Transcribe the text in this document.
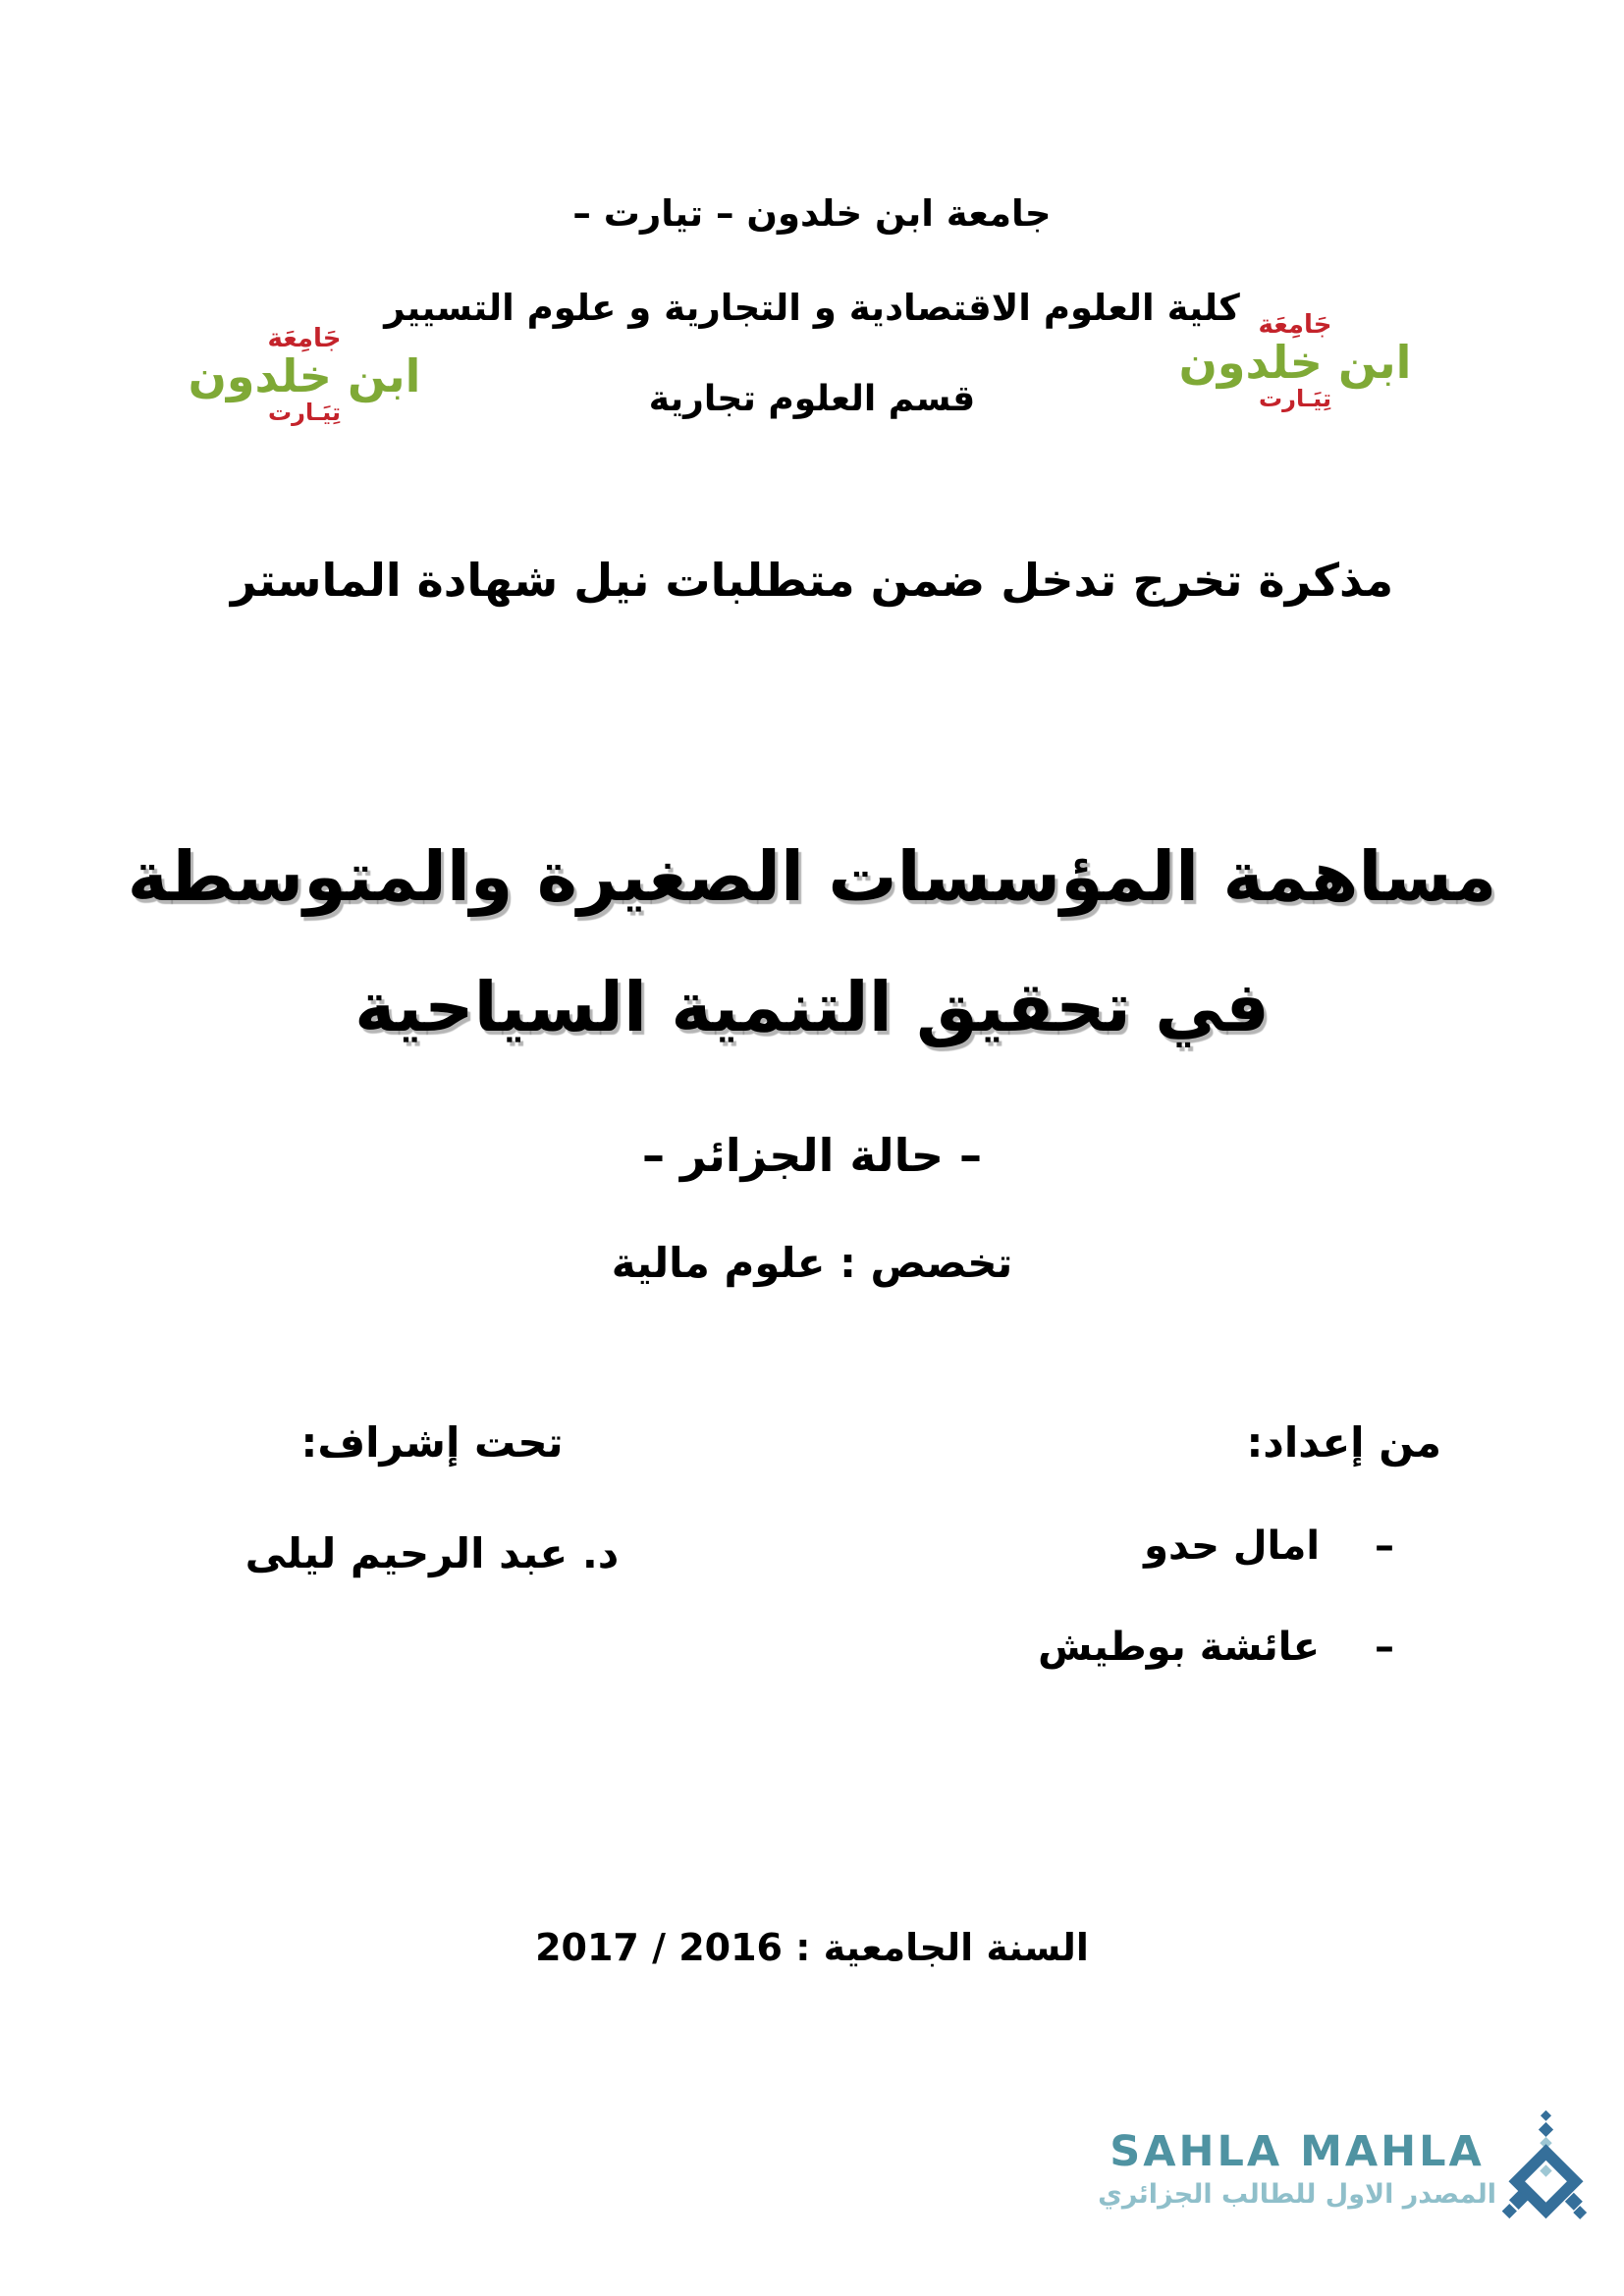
جامعة ابن خلدون – تيارت –
كلية العلوم الاقتصادية و التجارية و علوم التسيير
قسم العلوم تجارية
جَامِعَة
ابن خلدون
تِيَـارت
جَامِعَة
ابن خلدون
تِيَـارت
مذكرة تخرج تدخل ضمن متطلبات نيل شهادة الماستر
مساهمة المؤسسات الصغيرة والمتوسطة
في تحقيق التنمية السياحية
– حالة الجزائر –
تخصص : علوم مالية
من إعداد:
– امال حدو
– عائشة بوطيش
تحت إشراف:
د. عبد الرحيم ليلى
السنة الجامعية : 2016 / 2017
SAHLA MAHLA
المصدر الاول للطالب الجزائري
